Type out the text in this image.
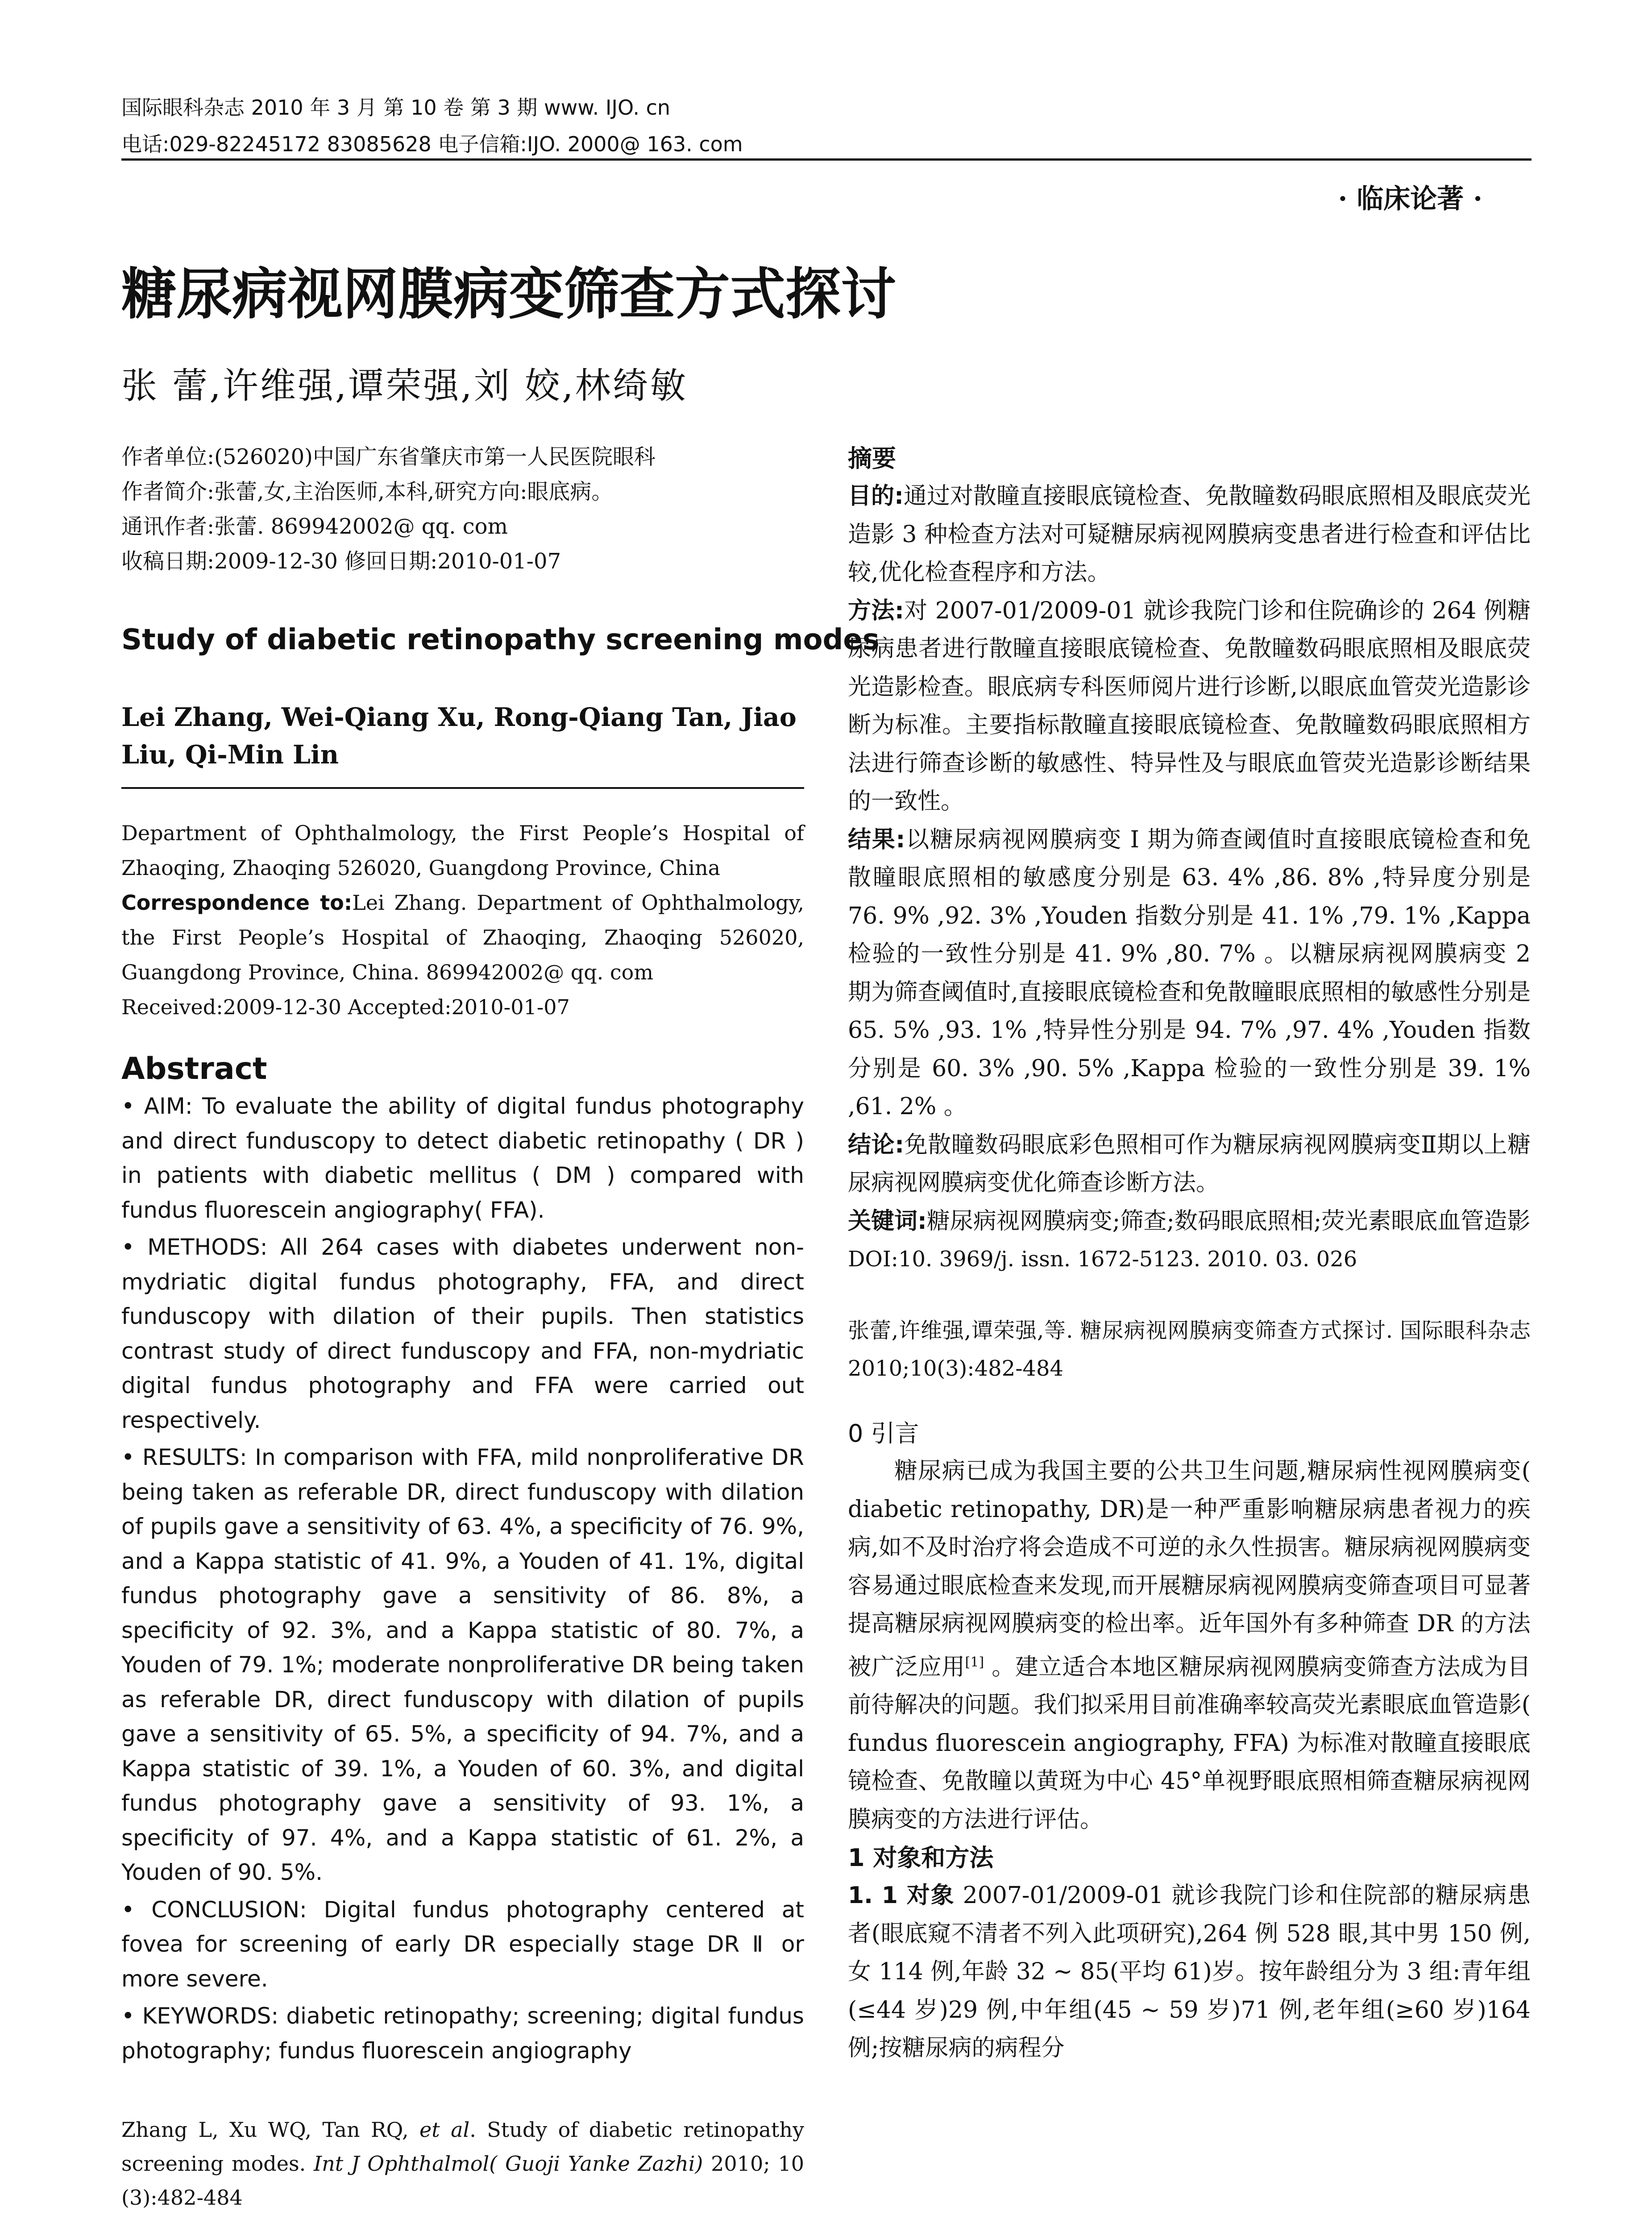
国际眼科杂志 2010 年 3 月 第 10 卷 第 3 期 www. IJO. cn
电话:029-82245172 83085628 电子信箱:IJO. 2000@ 163. com
· 临床论著 ·
糖尿病视网膜病变筛查方式探讨
张 蕾,许维强,谭荣强,刘 姣,林绮敏
作者单位:(526020)中国广东省肇庆市第一人民医院眼科
作者简介:张蕾,女,主治医师,本科,研究方向:眼底病。
通讯作者:张蕾. 869942002@ qq. com
收稿日期:2009-12-30 修回日期:2010-01-07
Study of diabetic retinopathy screening modes
Lei Zhang, Wei-Qiang Xu, Rong-Qiang Tan, Jiao Liu, Qi-Min Lin
Department of Ophthalmology, the First People’s Hospital of Zhaoqing, Zhaoqing 526020, Guangdong Province, China
Correspondence to:Lei Zhang. Department of Ophthalmology, the First People’s Hospital of Zhaoqing, Zhaoqing 526020, Guangdong Province, China. 869942002@ qq. com
Received:2009-12-30 Accepted:2010-01-07
Abstract
• AIM: To evaluate the ability of digital fundus photography and direct funduscopy to detect diabetic retinopathy ( DR ) in patients with diabetic mellitus ( DM ) compared with fundus fluorescein angiography( FFA).
• METHODS: All 264 cases with diabetes underwent non-mydriatic digital fundus photography, FFA, and direct funduscopy with dilation of their pupils. Then statistics contrast study of direct funduscopy and FFA, non-mydriatic digital fundus photography and FFA were carried out respectively.
• RESULTS: In comparison with FFA, mild nonproliferative DR being taken as referable DR, direct funduscopy with dilation of pupils gave a sensitivity of 63. 4%, a specificity of 76. 9%, and a Kappa statistic of 41. 9%, a Youden of 41. 1%, digital fundus photography gave a sensitivity of 86. 8%, a specificity of 92. 3%, and a Kappa statistic of 80. 7%, a Youden of 79. 1%; moderate nonproliferative DR being taken as referable DR, direct funduscopy with dilation of pupils gave a sensitivity of 65. 5%, a specificity of 94. 7%, and a Kappa statistic of 39. 1%, a Youden of 60. 3%, and digital fundus photography gave a sensitivity of 93. 1%, a specificity of 97. 4%, and a Kappa statistic of 61. 2%, a Youden of 90. 5%.
• CONCLUSION: Digital fundus photography centered at fovea for screening of early DR especially stage DR Ⅱ or more severe.
• KEYWORDS: diabetic retinopathy; screening; digital fundus photography; fundus fluorescein angiography
Zhang L, Xu WQ, Tan RQ, et al. Study of diabetic retinopathy screening modes. Int J Ophthalmol( Guoji Yanke Zazhi) 2010; 10 (3):482-484
摘要
目的:通过对散瞳直接眼底镜检查、免散瞳数码眼底照相及眼底荧光造影 3 种检查方法对可疑糖尿病视网膜病变患者进行检查和评估比较,优化检查程序和方法。
方法:对 2007-01/2009-01 就诊我院门诊和住院确诊的 264 例糖尿病患者进行散瞳直接眼底镜检查、免散瞳数码眼底照相及眼底荧光造影检查。眼底病专科医师阅片进行诊断,以眼底血管荧光造影诊断为标准。主要指标散瞳直接眼底镜检查、免散瞳数码眼底照相方法进行筛查诊断的敏感性、特异性及与眼底血管荧光造影诊断结果的一致性。
结果:以糖尿病视网膜病变 I 期为筛查阈值时直接眼底镜检查和免散瞳眼底照相的敏感度分别是 63. 4% ,86. 8% ,特异度分别是 76. 9% ,92. 3% ,Youden 指数分别是 41. 1% ,79. 1% ,Kappa 检验的一致性分别是 41. 9% ,80. 7% 。以糖尿病视网膜病变 2 期为筛查阈值时,直接眼底镜检查和免散瞳眼底照相的敏感性分别是 65. 5% ,93. 1% ,特异性分别是 94. 7% ,97. 4% ,Youden 指数分别是 60. 3% ,90. 5% ,Kappa 检验的一致性分别是 39. 1% ,61. 2% 。
结论:免散瞳数码眼底彩色照相可作为糖尿病视网膜病变Ⅱ期以上糖尿病视网膜病变优化筛查诊断方法。
关键词:糖尿病视网膜病变;筛查;数码眼底照相;荧光素眼底血管造影
DOI:10. 3969/j. issn. 1672-5123. 2010. 03. 026
张蕾,许维强,谭荣强,等. 糖尿病视网膜病变筛查方式探讨. 国际眼科杂志 2010;10(3):482-484
0 引言
糖尿病已成为我国主要的公共卫生问题,糖尿病性视网膜病变( diabetic retinopathy, DR)是一种严重影响糖尿病患者视力的疾病,如不及时治疗将会造成不可逆的永久性损害。糖尿病视网膜病变容易通过眼底检查来发现,而开展糖尿病视网膜病变筛查项目可显著提高糖尿病视网膜病变的检出率。近年国外有多种筛查 DR 的方法被广泛应用[1] 。建立适合本地区糖尿病视网膜病变筛查方法成为目前待解决的问题。我们拟采用目前准确率较高荧光素眼底血管造影( fundus fluorescein angiography, FFA) 为标准对散瞳直接眼底镜检查、免散瞳以黄斑为中心 45°单视野眼底照相筛查糖尿病视网膜病变的方法进行评估。
1 对象和方法
1. 1 对象 2007-01/2009-01 就诊我院门诊和住院部的糖尿病患者(眼底窥不清者不列入此项研究),264 例 528 眼,其中男 150 例,女 114 例,年龄 32 ~ 85(平均 61)岁。按年龄组分为 3 组:青年组(≤44 岁)29 例,中年组(45 ~ 59 岁)71 例,老年组(≥60 岁)164 例;按糖尿病的病程分
